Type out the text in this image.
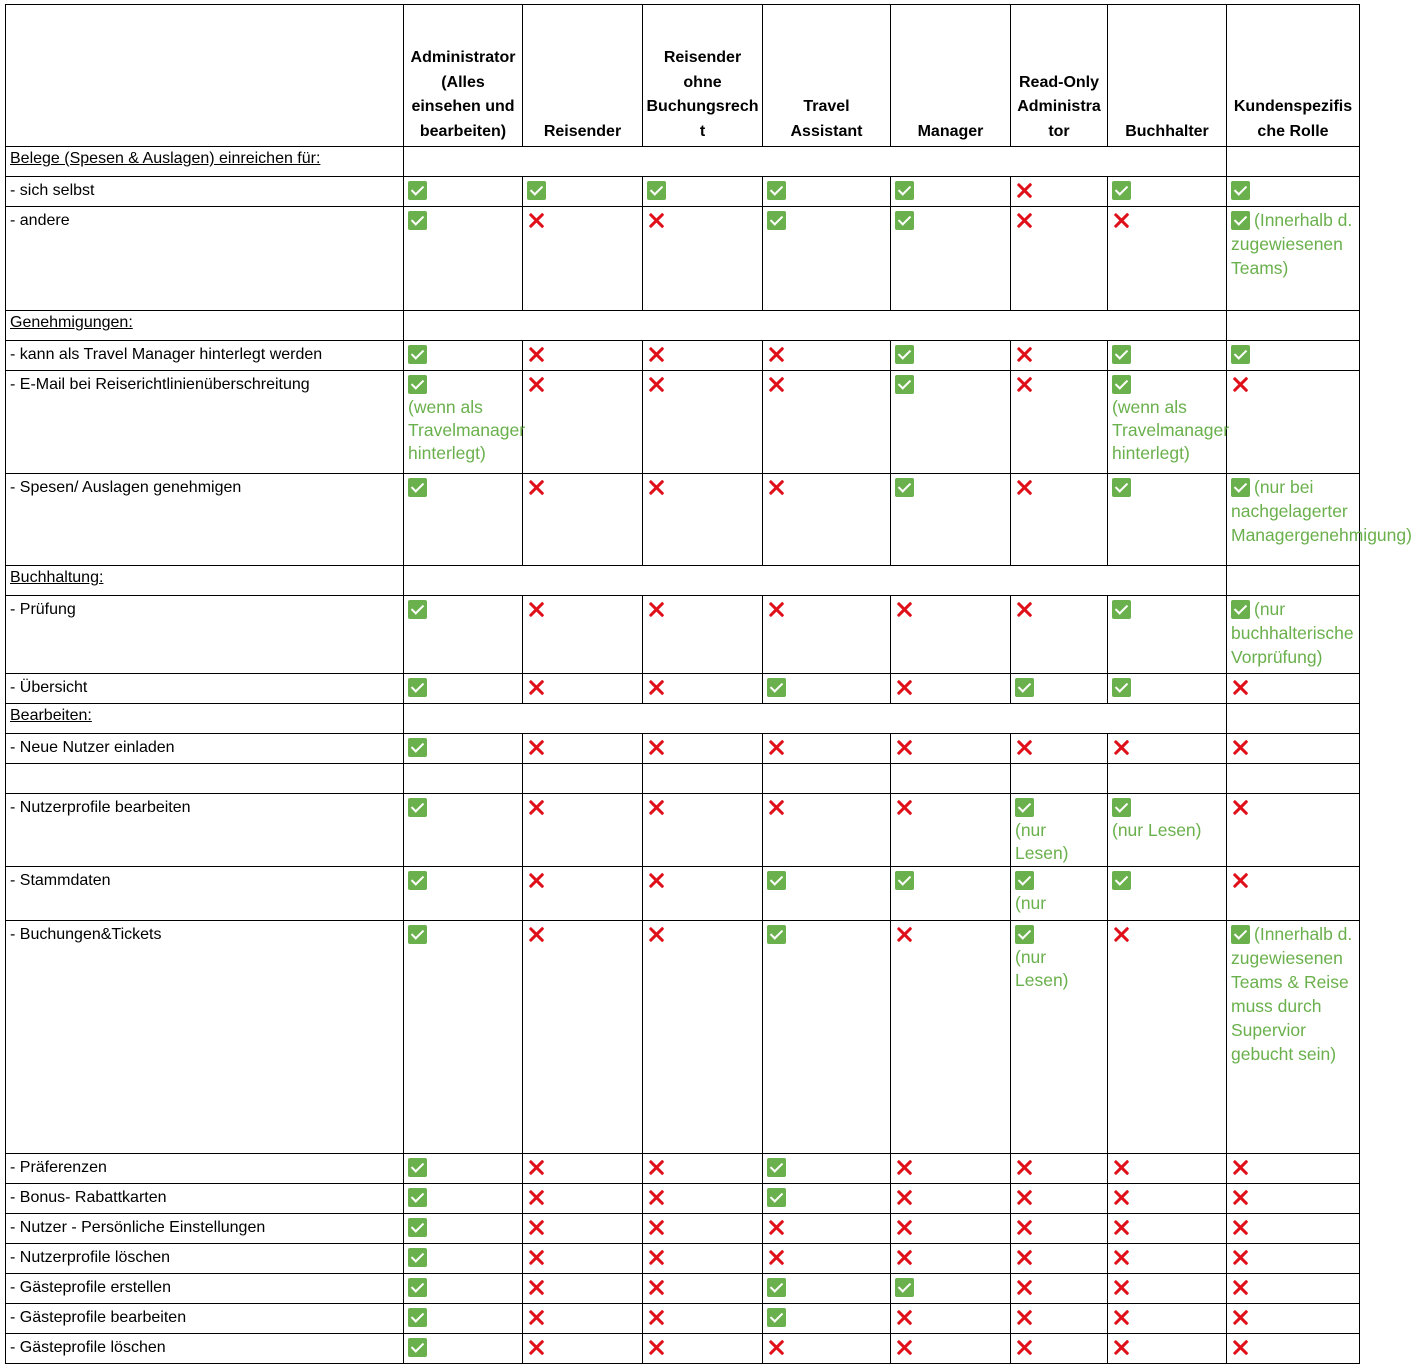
	Administrator (Alles einsehen und bearbeiten)	Reisender	Reisender ohne Buchungsrech t	Travel Assistant	Manager	Read-Only Administra tor	Buchhalter	Kundenspezifis che Rolle
Belege (Spesen & Auslagen) einreichen für:								
- sich selbst	

- andere								(Innerhalb d. zugewiesenen Teams)

Genehmigungen:								
- kann als Travel Manager hinterlegt werden	

- E-Mail bei Reiserichtlinienüberschreitung	(wenn als Travelmanager hinterlegt)						(wenn als Travelmanager hinterlegt)	

- Spesen/ Auslagen genehmigen								(nur bei nachgelagerter Managergenehmigung)

Buchhaltung:								
- Prüfung								(nur buchhalterische Vorprüfung)

- Übersicht	

Bearbeiten:								
- Neue Nutzer einladen	

- Nutzerprofile bearbeiten						(nur Lesen)	(nur Lesen)	

- Stammdaten						(nur		

- Buchungen&Tickets						(nur Lesen)		(Innerhalb d. zugewiesenen Teams & Reise muss durch Supervior gebucht sein)

- Präferenzen	

- Bonus- Rabattkarten	

- Nutzer - Persönliche Einstellungen	

- Nutzerprofile löschen	

- Gästeprofile erstellen	

- Gästeprofile bearbeiten	

- Gästeprofile löschen	
